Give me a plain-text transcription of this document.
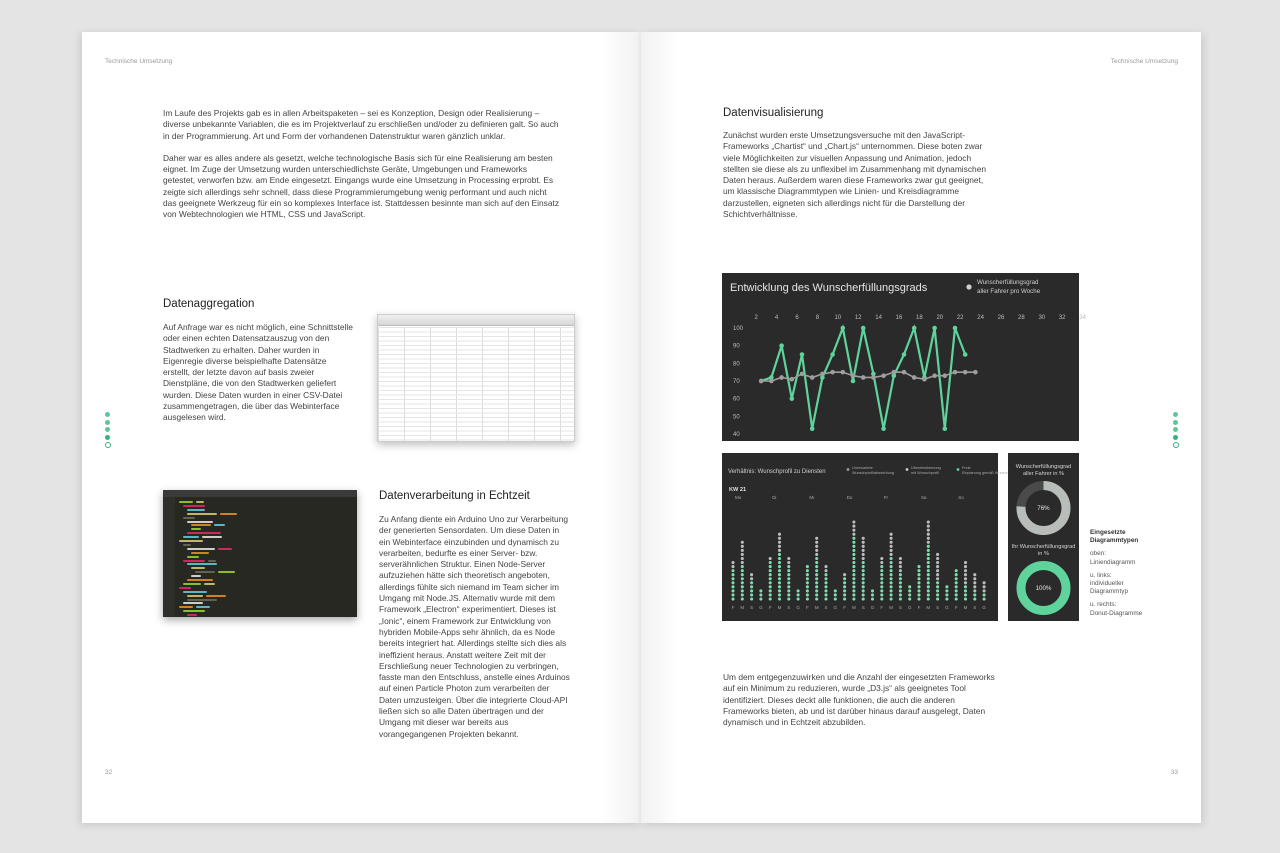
Technische Umsetzung	Technische Umsetzung
32	33

Im Laufe des Projekts gab es in allen Arbeitspaketen – sei es Konzeption, Design oder Realisierung – diverse unbekannte Variablen, die es im Projektverlauf zu erschließen und/oder zu definieren galt. So auch in der Programmierung. Art und Form der vorhandenen Datenstruktur waren gänzlich unklar.

Daher war es alles andere als gesetzt, welche technologische Basis sich für eine Realisierung am besten eignet. Im Zuge der Umsetzung wurden unterschiedlichste Geräte, Umgebungen und Frameworks getestet, verworfen bzw. am Ende eingesetzt. Eingangs wurde eine Umsetzung in Processing erprobt. Es zeigte sich allerdings sehr schnell, dass diese Programmierumgebung wenig performant und auch nicht das geeignete Werkzeug für ein so komplexes Interface ist. Stattdessen besinnte man sich auf den Einsatz von Webtechnologien wie HTML, CSS und JavaScript.

Datenaggregation
Auf Anfrage war es nicht möglich, eine Schnittstelle oder einen echten Datensatzauszug von den Stadtwerken zu erhalten. Daher wurden in Eigenregie diverse beispielhafte Datensätze erstellt, der letzte davon auf basis zweier Dienstpläne, die von den Stadtwerken geliefert wurden. Diese Daten wurden in einer CSV-Datei zusammengetragen, die über das Webinterface ausgelesen wird.
Datenverarbeitung in Echtzeit
Zu Anfang diente ein Arduino Uno zur Verarbeitung der generierten Sensordaten. Um diese Daten in ein Webinterface einzubinden und dynamisch zu verarbeiten, bedurfte es einer Server- bzw. serverähnlichen Struktur. Einen Node-Server aufzuziehen hätte sich theoretisch angeboten, allerdings fühlte sich niemand im Team sicher im Umgang mit Node.JS. Alternativ wurde mit dem Framework „Electron“ experimentiert. Dieses ist „Ionic“, einem Framework zur Entwicklung von hybriden Mobile-Apps sehr ähnlich, da es Node bereits integriert hat. Allerdings stellte sich dies als ineffizient heraus. Anstatt weitere Zeit mit der Erschließung neuer Technologien zu verbringen, fasste man den Entschluss, anstelle eines Arduinos auf einen Particle Photon zum verarbeiten der Daten umzusteigen. Über die integrierte Cloud-API ließen sich so alle Daten übertragen und der Umgang mit dieser war bereits aus vorangegangenen Projekten bekannt.
Datenvisualisierung
Zunächst wurden erste Umsetzungsversuche mit den JavaScript-Frameworks „Chartist“ und „Chart.js“ unternommen. Diese boten zwar viele Möglichkeiten zur visuellen Anpassung und Animation, jedoch stellten sie diese als zu unflexibel im Zusammenhang mit dynamischen Daten heraus. Außerdem waren diese Frameworks zwar gut geeignet, um klassische Diagrammtypen wie Linien- und Kreisdiagramme darzustellen, eigneten sich allerdings nicht für die Darstellung der Schichtverhältnisse.
Entwicklung des Wunscherfüllungsgrads	Wunscherfüllungsgrad
aller Fahrer pro Woche
2	4	6	8	10 12 14 16 18 20 22 24 26 28 30 32 34
100
90
80
70
60
50
40
Verhältnis: Wunschprofil zu Diensten
KW 21
Unerwartete
Wunschprofilabweichung
Übereinstimmung
mit Wunschprofil
Freie
Einplanung gemäß Wunsch
Mo	Di	Mi	Do	Fr	Sa	So
F M S G F M S G F M S G F M S G F M S G F M S G F M S G
Wunscherfüllungsgrad
aller Fahrer in %
76%
Ihr Wunscherfüllungsgrad
in %
100%
Eingesetzte Diagrammtypen
oben:
Liniendiagramm
u. links:
individueller Diagrammtyp
u. rechts:
Donut-Diagramme
Um dem entgegenzuwirken und die Anzahl der eingesetzten Frameworks auf ein Minimum zu reduzieren, wurde „D3.js“ als geeignetes Tool identifiziert. Dieses deckt alle funktionen, die auch die anderen Frameworks bieten, ab und ist darüber hinaus darauf ausgelegt, Daten dynamisch und in Echtzeit abzubilden.
